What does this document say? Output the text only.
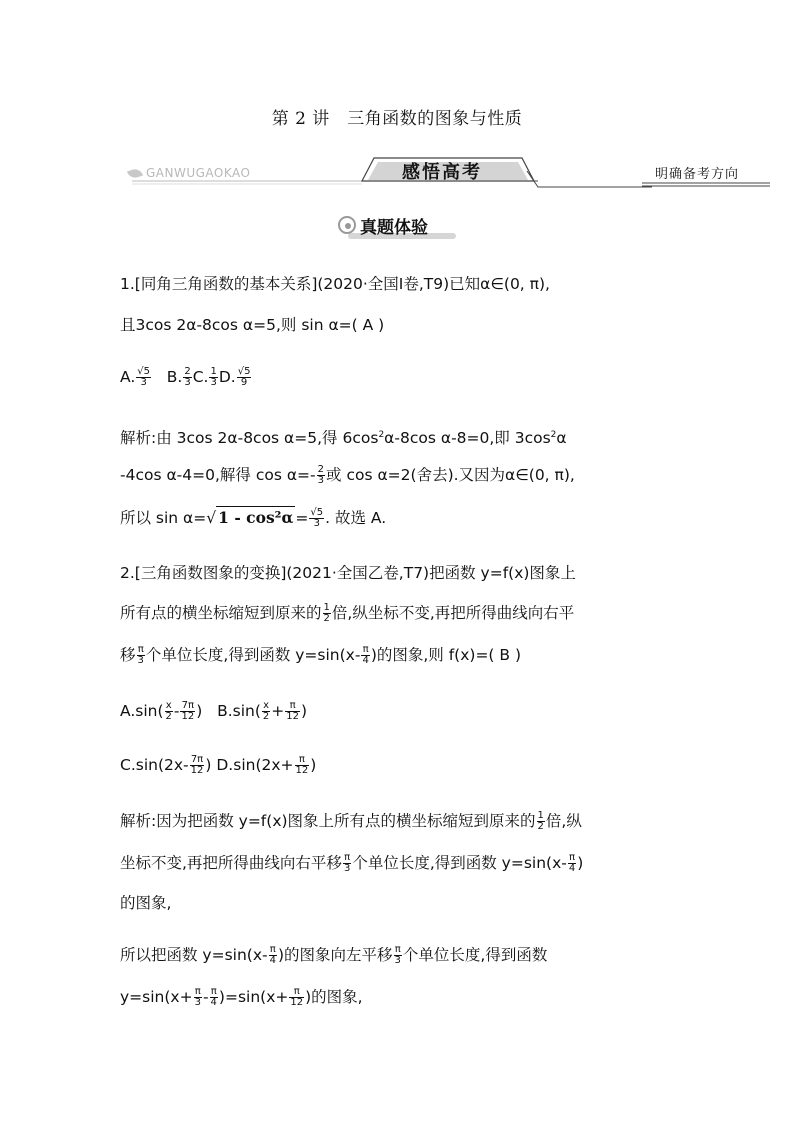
第 2 讲　三角函数的图象与性质
GANWUGAOKAO	感悟高考	明确备考方向
真题体验
1.[同角三角函数的基本关系](2020·全国Ⅰ卷,T9)已知α∈(0, π),
且3cos 2α-8cos α=5,则 sin α=( A )
A. $\frac{√5}{3} B$. $\frac{2}{3} C$. $\frac{1}{3} D$. $\frac{√5}{9}$
解析:由 3cos 2α-8cos α=5,得 $6\cos^2\alpha-8\cos$ α-8=0,即 $3\cos^2\alpha$
-4cos α-4=0,解得 $\cos \alpha=- \frac{2}{3}$ 或 cos α=2(舍去).又因为α∈(0, π),
所以 sin α=√ $1 - \cos^2\alpha = \frac{√5}{3}$ . 故选 A.
2.[三角函数图象的变换](2021·全国乙卷,T7)把函数 y=f(x)图象上
所有点的横坐标缩短到原来的 $\frac{1}{2}$ 倍,纵坐标不变,再把所得曲线向右平
移 $\frac{\pi}{3}$ 个单位长度,得到函数 $y=\sin(x- \frac{\pi}{4}$ )的图象,则 f(x)=( B )
$A.\sin( \frac{x}{2} - \frac{7\pi}{12}$ ) $B.\sin( \frac{x}{2} + \frac{\pi}{12}$ )
$C.\sin(2x- \frac{7\pi}{12}$ ) $D.\sin(2x+ \frac{\pi}{12}$ )
解析:因为把函数 y=f(x)图象上所有点的横坐标缩短到原来的 $\frac{1}{2}$ 倍,纵
坐标不变,再把所得曲线向右平移 $\frac{\pi}{3}$ 个单位长度,得到函数 $y=\sin(x- \frac{\pi}{4}$ )
的图象,
所以把函数 $y=\sin(x- \frac{\pi}{4}$ )的图象向左平移 $\frac{\pi}{3}$ 个单位长度,得到函数
$y=\sin(x+ \frac{\pi}{3} - \frac{\pi}{4} )=\sin(x+ \frac{\pi}{12}$ )的图象,
